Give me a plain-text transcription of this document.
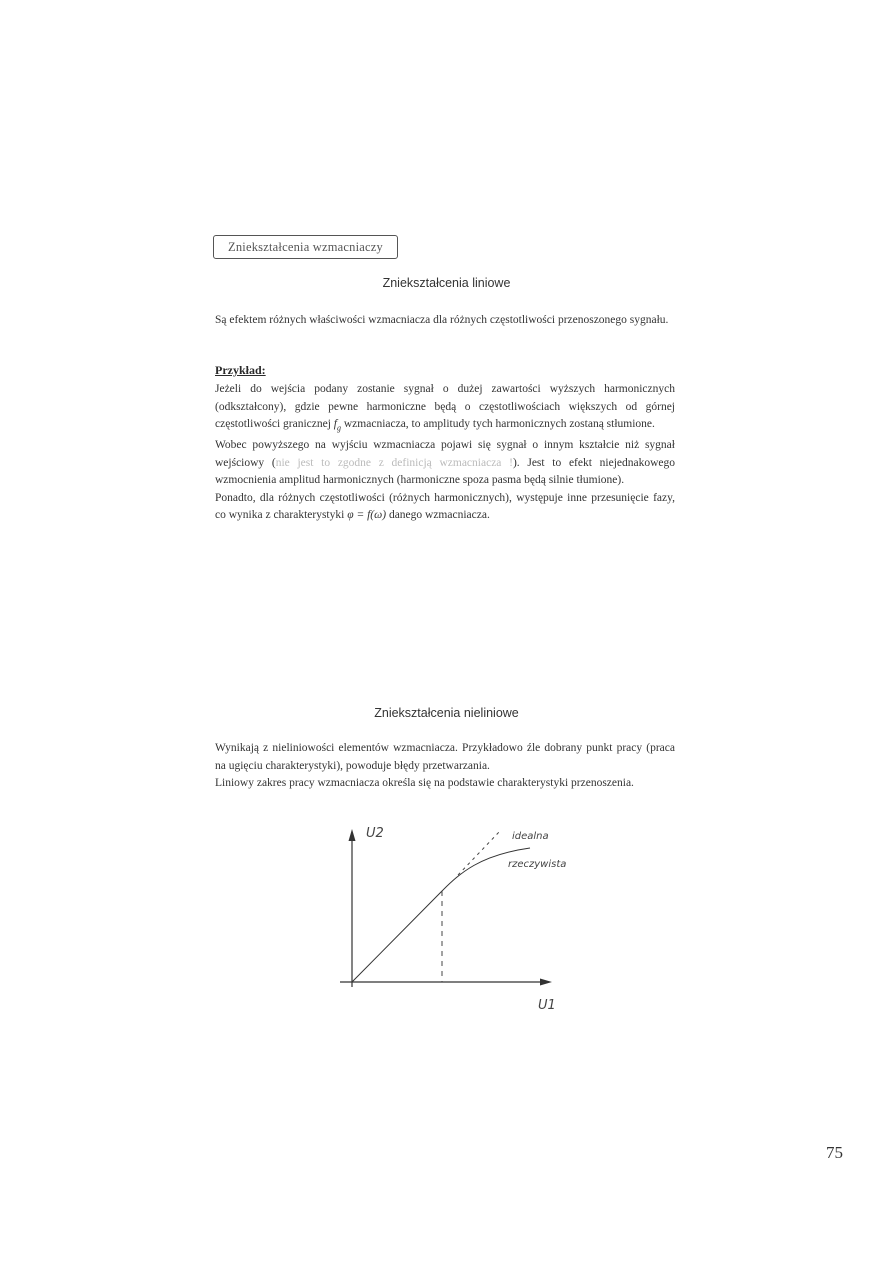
Zniekształcenia wzmacniaczy
Zniekształcenia liniowe

Są efektem różnych właściwości wzmacniacza dla różnych częstotliwości przenoszonego sygnału.

Przykład:
Jeżeli do wejścia podany zostanie sygnał o dużej zawartości wyższych harmonicznych (odkształcony), gdzie pewne harmoniczne będą o częstotliwościach większych od górnej częstotliwości granicznej $f_g$ wzmacniacza, to amplitudy tych harmonicznych zostaną stłumione.
Wobec powyższego na wyjściu wzmacniacza pojawi się sygnał o innym kształcie niż sygnał wejściowy (nie jest to zgodne z definicją wzmacniacza !). Jest to efekt niejednakowego wzmocnienia amplitud harmonicznych (harmoniczne spoza pasma będą silnie tłumione).
Ponadto, dla różnych częstotliwości (różnych harmonicznych), występuje inne przesunięcie fazy, co wynika z charakterystyki φ = f(ω) danego wzmacniacza.
Zniekształcenia nieliniowe
Wynikają z nieliniowości elementów wzmacniacza. Przykładowo źle dobrany punkt pracy (praca na ugięciu charakterystyki), powoduje błędy przetwarzania.
Liniowy zakres pracy wzmacniacza określa się na podstawie charakterystyki przenoszenia.
U2
U1
idealna
rzeczywista
75
